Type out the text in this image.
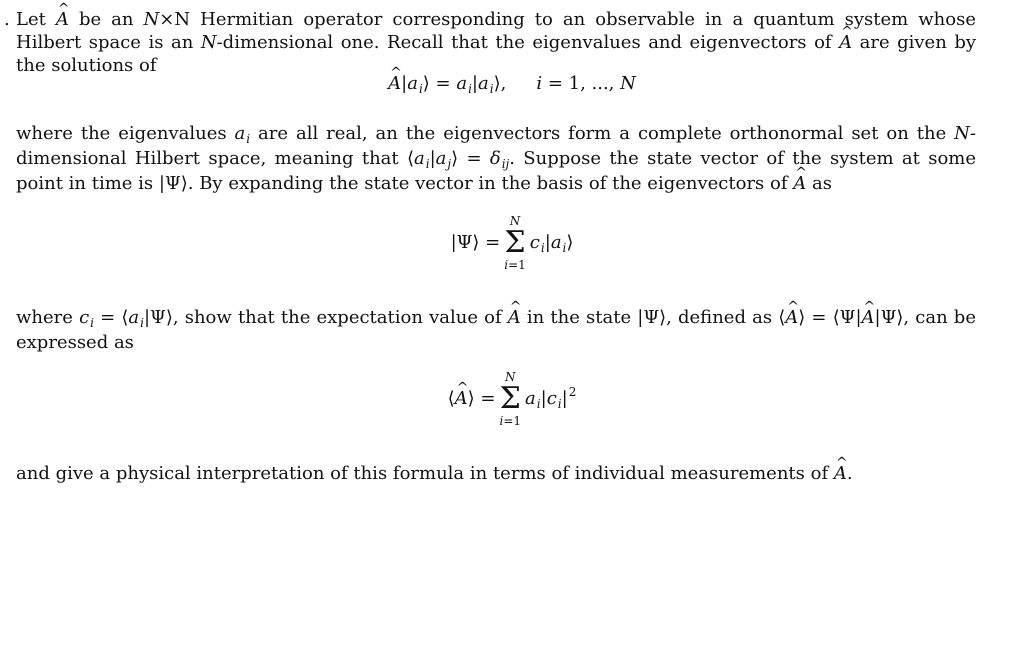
. Let ^ A be an N×N Hermitian operator corresponding to an observable in a quantum system whose Hilbert space is an N-dimensional one. Recall that the eigenvalues and eigenvectors of ^ A are given by the solutions of
^ $A|a_i⟩$ = $a_i|a_i⟩$, i = 1, ..., N
where the eigenvalues $a_i$ are all real, an the eigenvectors form a complete orthonormal set on the N-dimensional Hilbert space, meaning that $⟨a_i|a_j⟩ = \delta_{ij}$. Suppose the state vector of the system at some point in time is |Ψ⟩. By expanding the state vector in the basis of the eigenvectors of ^ A as
|Ψ⟩ =
N
Σ
i=1
$c_i|a_i⟩$
where $c_i$ = $⟨a_i|\Psi⟩$, show that the expectation value of ^ A in the state |Ψ⟩, defined as ⟨^ A⟩ = ⟨Ψ|^ A|Ψ⟩, can be expressed as
⟨^ A⟩ =
N
Σ
i=1
$a_i|c_i|^2$
and give a physical interpretation of this formula in terms of individual measurements of ^ A.
